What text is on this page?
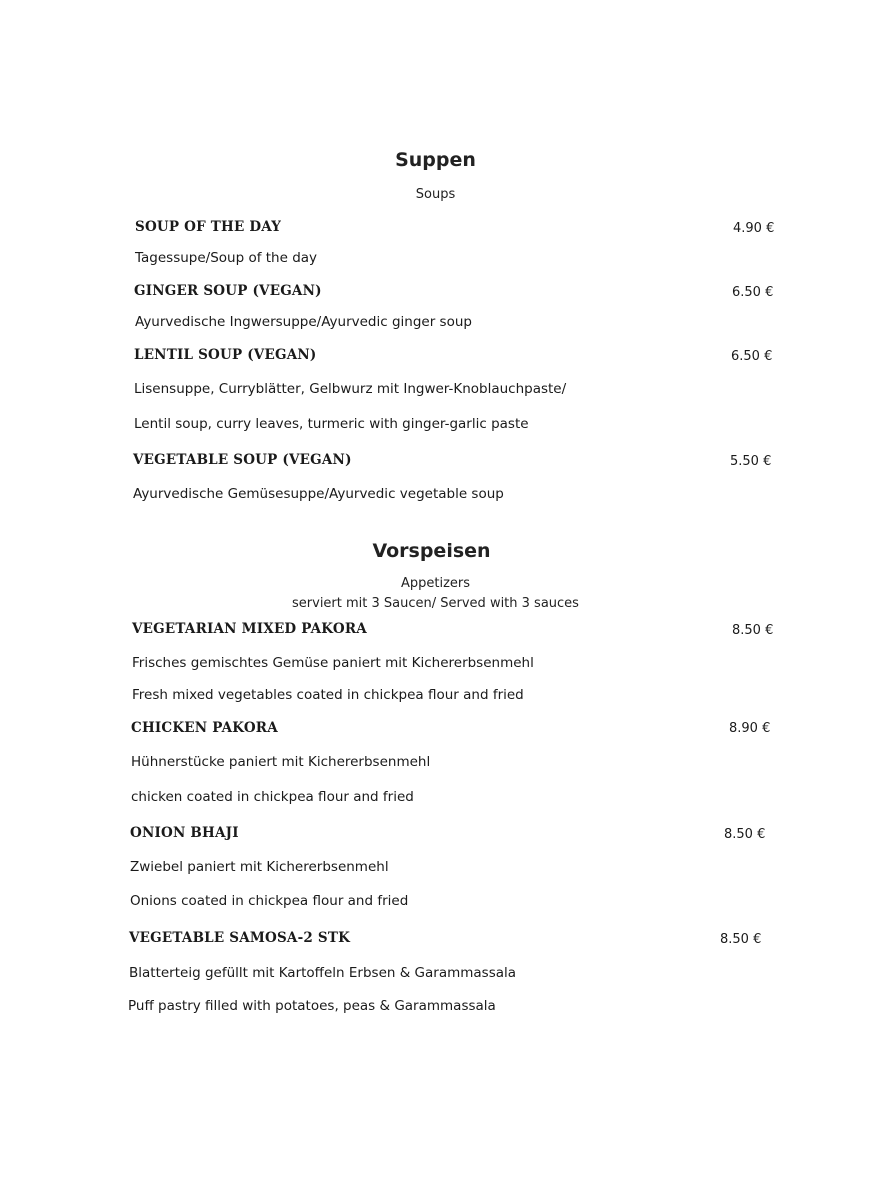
Suppen
Soups
SOUP OF THE DAY	4.90 €
Tagessupe/Soup of the day
GINGER SOUP (VEGAN)	6.50 €
Ayurvedische Ingwersuppe/Ayurvedic ginger soup
LENTIL SOUP (VEGAN)	6.50 €
Lisensuppe, Curryblätter, Gelbwurz mit Ingwer-Knoblauchpaste/
Lentil soup, curry leaves, turmeric with ginger-garlic paste
VEGETABLE SOUP (VEGAN)	5.50 €
Ayurvedische Gemüsesuppe/Ayurvedic vegetable soup
Vorspeisen
Appetizers
serviert mit 3 Saucen/ Served with 3 sauces
VEGETARIAN MIXED PAKORA	8.50 €
Frisches gemischtes Gemüse paniert mit Kichererbsenmehl
Fresh mixed vegetables coated in chickpea flour and fried
CHICKEN PAKORA	8.90 €
Hühnerstücke paniert mit Kichererbsenmehl
chicken coated in chickpea flour and fried
ONION BHAJI	8.50 €
Zwiebel paniert mit Kichererbsenmehl
Onions coated in chickpea flour and fried
VEGETABLE SAMOSA-2 STK	8.50 €
Blatterteig gefüllt mit Kartoffeln Erbsen & Garammassala
Puff pastry filled with potatoes, peas & Garammassala
